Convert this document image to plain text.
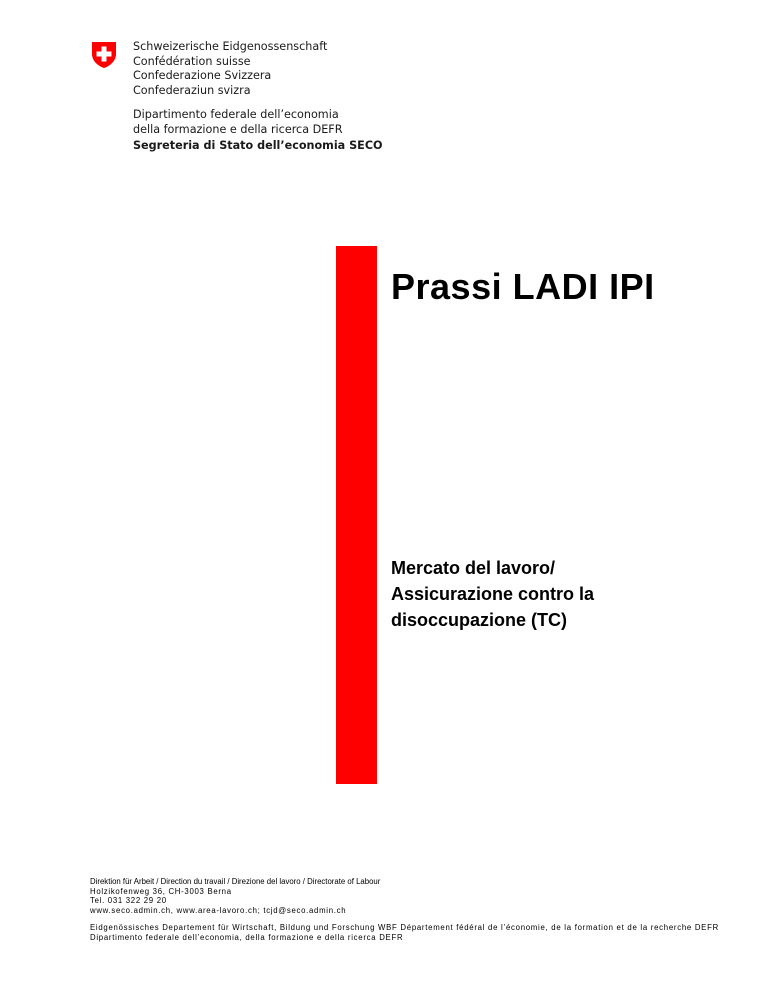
Schweizerische Eidgenossenschaft
Confédération suisse
Confederazione Svizzera
Confederaziun svizra
Dipartimento federale dell’economia
della formazione e della ricerca DEFR
Segreteria di Stato dell’economia SECO
Prassi LADI IPI
Mercato del lavoro/
Assicurazione contro la
disoccupazione (TC)
Direktion für Arbeit / Direction du travail / Direzione del lavoro / Directorate of Labour
Holzikofenweg 36, CH-3003 Berna
Tel. 031 322 29 20
www.seco.admin.ch, www.area-lavoro.ch; tcjd@seco.admin.ch
Eidgenössisches Departement für Wirtschaft, Bildung und Forschung WBF Département fédéral de l’économie, de la formation et de la recherche DEFR
Dipartimento federale dell’economia, della formazione e della ricerca DEFR
